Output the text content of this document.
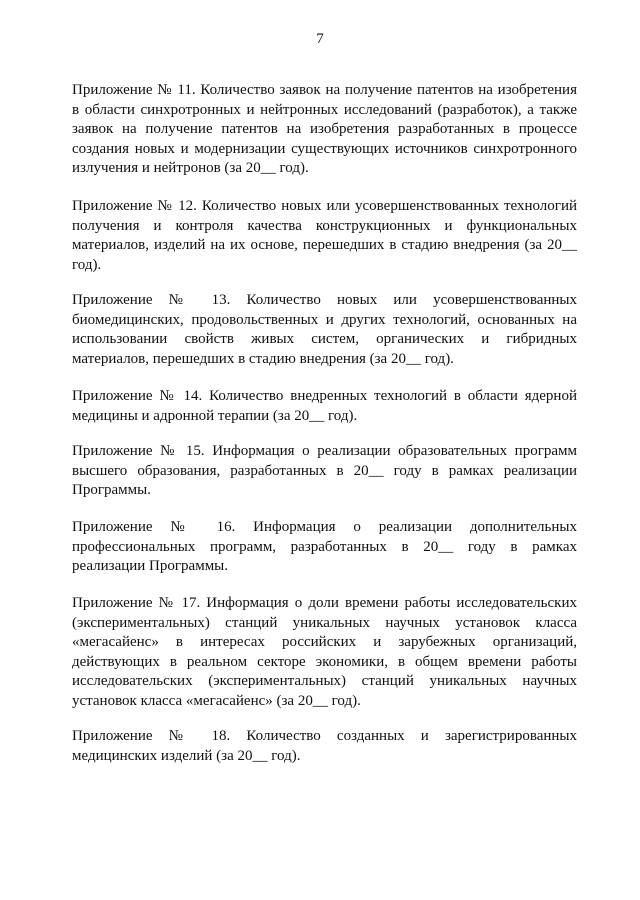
7

Приложение № 11. Количество заявок на получение патентов на изобретения в области синхротронных и нейтронных исследований (разработок), а также заявок на получение патентов на изобретения разработанных в процессе создания новых и модернизации существующих источников синхротронного излучения и нейтронов (за 20__ год).

Приложение № 12. Количество новых или усовершенствованных технологий получения и контроля качества конструкционных и функциональных материалов, изделий на их основе, перешедших в стадию внедрения (за 20__ год).

Приложение № 13. Количество новых или усовершенствованных биомедицинских, продовольственных и других технологий, основанных на использовании свойств живых систем, органических и гибридных материалов, перешедших в стадию внедрения (за 20__ год).

Приложение № 14. Количество внедренных технологий в области ядерной медицины и адронной терапии (за 20__ год).

Приложение № 15. Информация о реализации образовательных программ высшего образования, разработанных в 20__ году в рамках реализации Программы.

Приложение № 16. Информация о реализации дополнительных профессиональных программ, разработанных в 20__ году в рамках реализации Программы.

Приложение № 17. Информация о доли времени работы исследовательских (экспериментальных) станций уникальных научных установок класса «мегасайенс» в интересах российских и зарубежных организаций, действующих в реальном секторе экономики, в общем времени работы исследовательских (экспериментальных) станций уникальных научных установок класса «мегасайенс» (за 20__ год).

Приложение № 18. Количество созданных и зарегистрированных медицинских изделий (за 20__ год).
